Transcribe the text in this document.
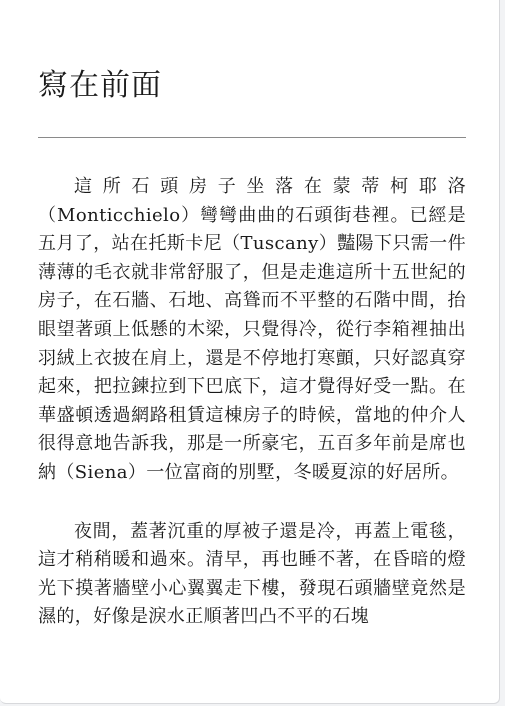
寫在前面

這所石頭房子坐落在蒙蒂柯耶洛（Monticchielo）彎彎曲曲的石頭街巷裡。已經是五月了，站在托斯卡尼（Tuscany）豔陽下只需一件薄薄的毛衣就非常舒服了，但是走進這所十五世紀的房子，在石牆、石地、高聳而不平整的石階中間，抬眼望著頭上低懸的木梁，只覺得冷，從行李箱裡抽出羽絨上衣披在肩上，還是不停地打寒顫，只好認真穿起來，把拉鍊拉到下巴底下，這才覺得好受一點。在華盛頓透過網路租賃這棟房子的時候，當地的仲介人很得意地告訴我，那是一所豪宅，五百多年前是席也納（Siena）一位富商的別墅，冬暖夏涼的好居所。

夜間，蓋著沉重的厚被子還是冷，再蓋上電毯，這才稍稍暖和過來。清早，再也睡不著，在昏暗的燈光下摸著牆壁小心翼翼走下樓，發現石頭牆壁竟然是濕的，好像是淚水正順著凹凸不平的石塊
